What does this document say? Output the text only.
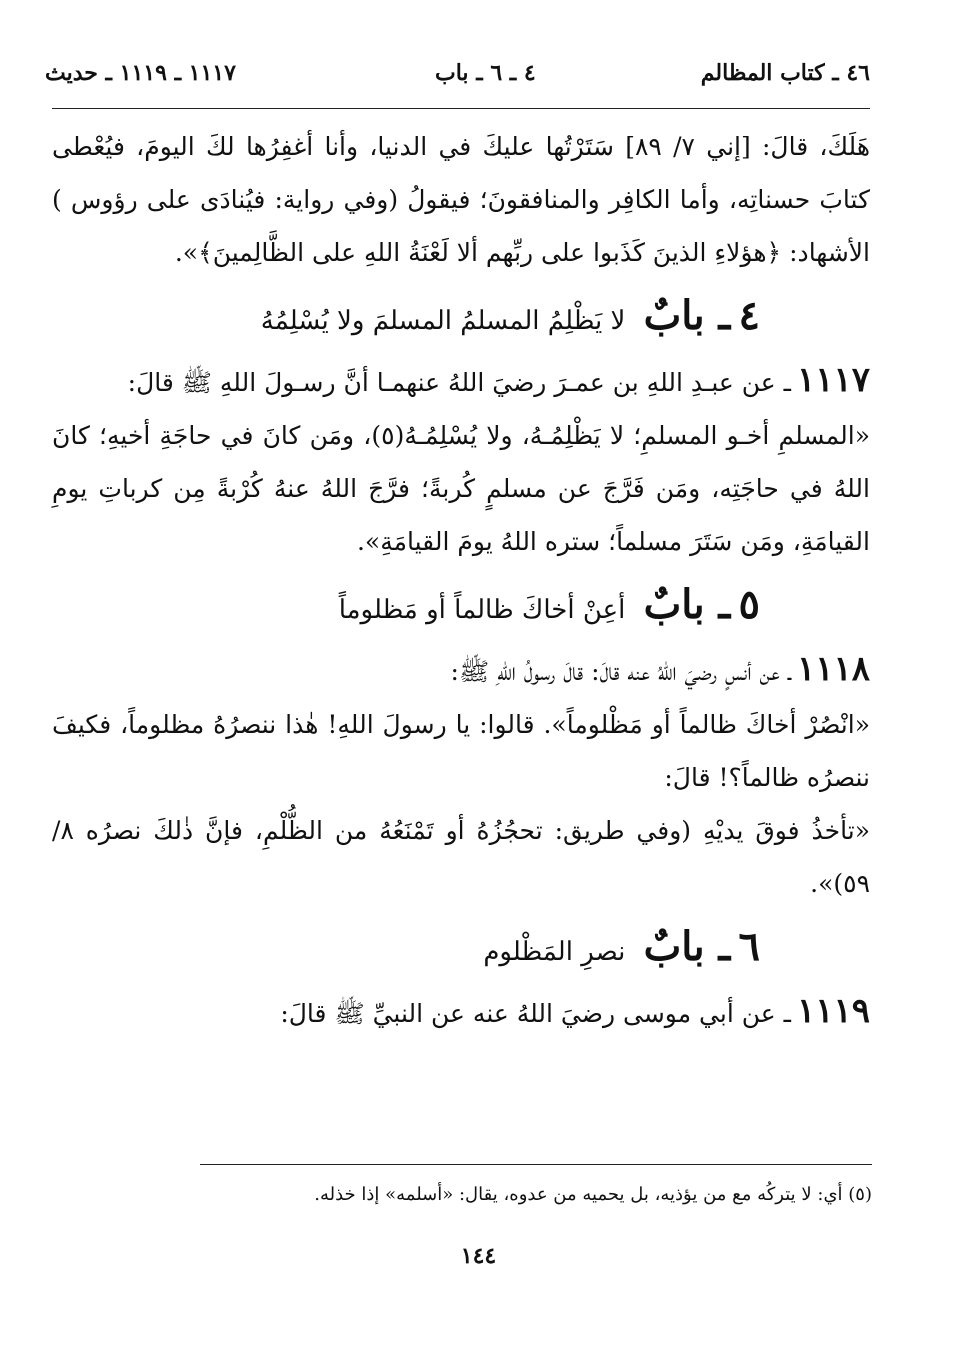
٤٦ ـ كتاب المظالم
٤ ـ ٦ ـ باب
١١١٧ ـ ١١١٩ ـ حديث

هَلَكَ، قالَ: [إني ٧/ ٨٩] سَتَرْتُها عليكَ في الدنيا، وأنا أغفِرُها لكَ اليومَ، فيُعْطى كتابَ حسناتِه، وأما الكافِر والمنافقونَ؛ فيقولُ (وفي رواية: فيُنادَى على رؤوس ) الأشهاد: ﴿هؤلاءِ الذينَ كَذَبوا على ربِّهم ألا لَعْنَةُ اللهِ على الظَّالِمينَ﴾».

٤ ـ بابٌ لا يَظْلِمُ المسلمُ المسلمَ ولا يُسْلِمُهُ

١١١٧ـ عن عبـدِ اللهِ بن عمـرَ رضيَ اللهُ عنهمـا أنَّ رسـولَ اللهِ ﷺ قالَ:

«المسلمِ أخـو المسلمِ؛ لا يَظْلِمُـهُ، ولا يُسْلِمُـهُ(٥)، ومَن كانَ في حاجَةِ أخيهِ؛ كانَ اللهُ في حاجَتِه، ومَن فَرَّجَ عن مسلمٍ كُربةً؛ فرَّجَ اللهُ عنهُ كُرْبةً مِن كرباتِ يومِ القيامَةِ، ومَن سَتَرَ مسلماً؛ ستره اللهُ يومَ القيامَةِ».

٥ ـ بابٌ أعِنْ أخاكَ ظالماً أو مَظلوماً

١١١٨ـ عن أنسٍ رضيَ اللهُ عنه قالَ: قالَ رسولُ اللهِ ﷺ:

«انْصُرْ أخاكَ ظالماً أو مَظْلوماً». قالوا: يا رسولَ اللهِ! هٰذا ننصرُهُ مظلوماً، فكيفَ ننصرُه ظالماً؟! قالَ:

«تأخذُ فوقَ يديْهِ (وفي طريق: تحجُزُهُ أو تَمْنَعُهُ من الظُّلْمِ، فإنَّ ذٰلكَ نصرُه ٨/ ٥٩)».

٦ ـ بابٌ نصرِ المَظْلوم

١١١٩ـ عن أبي موسى رضيَ اللهُ عنه عن النبيِّ ﷺ قالَ:

(٥) أي: لا يتركُه مع من يؤذيه، بل يحميه من عدوه، يقال: «أسلمه» إذا خذله.
١٤٤
